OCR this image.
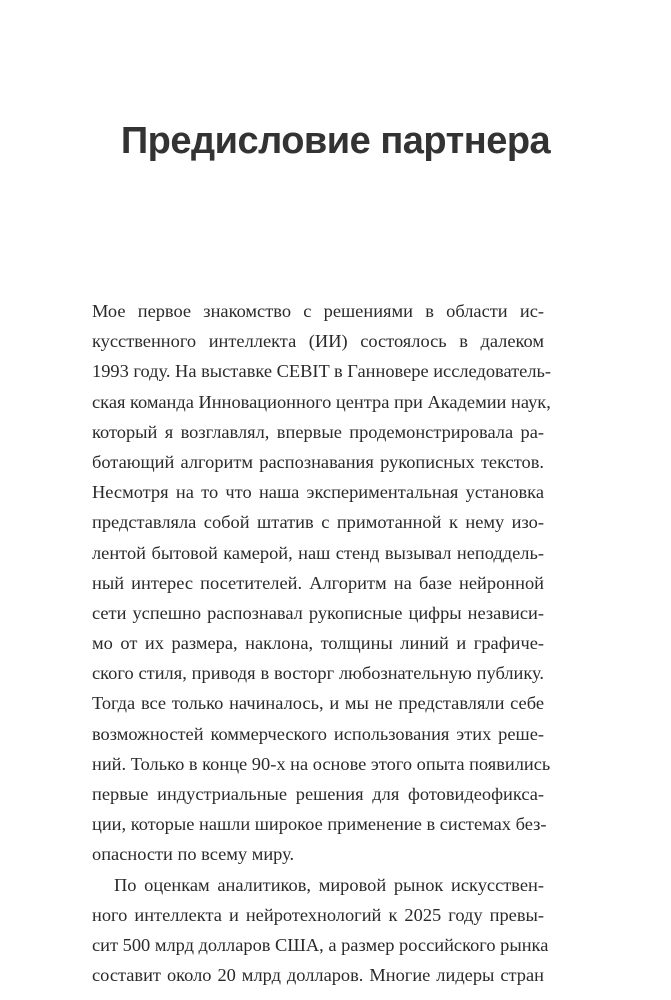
Предисловие партнера
Мое первое знакомство с решениями в области ис-
кусственного интеллекта (ИИ) состоялось в далеком
1993 году. На выставке CEBIT в Ганновере исследователь-
ская команда Инновационного центра при Академии наук,
который я возглавлял, впервые продемонстрировала ра-
ботающий алгоритм распознавания рукописных текстов.
Несмотря на то что наша экспериментальная установка
представляла собой штатив с примотанной к нему изо-
лентой бытовой камерой, наш стенд вызывал неподдель-
ный интерес посетителей. Алгоритм на базе нейронной
сети успешно распознавал рукописные цифры независи-
мо от их размера, наклона, толщины линий и графиче-
ского стиля, приводя в восторг любознательную публику.
Тогда все только начиналось, и мы не представляли себе
возможностей коммерческого использования этих решe-
ний. Только в конце 90-х на основе этого опыта появились
первые индустриальные решения для фотовидеофикса-
ции, которые нашли широкое применение в системах без-
опасности по всему миру.
По оценкам аналитиков, мировой рынок искусствен-
ного интеллекта и нейротехнологий к 2025 году превы-
сит 500 млрд долларов США, а размер российского рынка
составит около 20 млрд долларов. Многие лидеры стран
